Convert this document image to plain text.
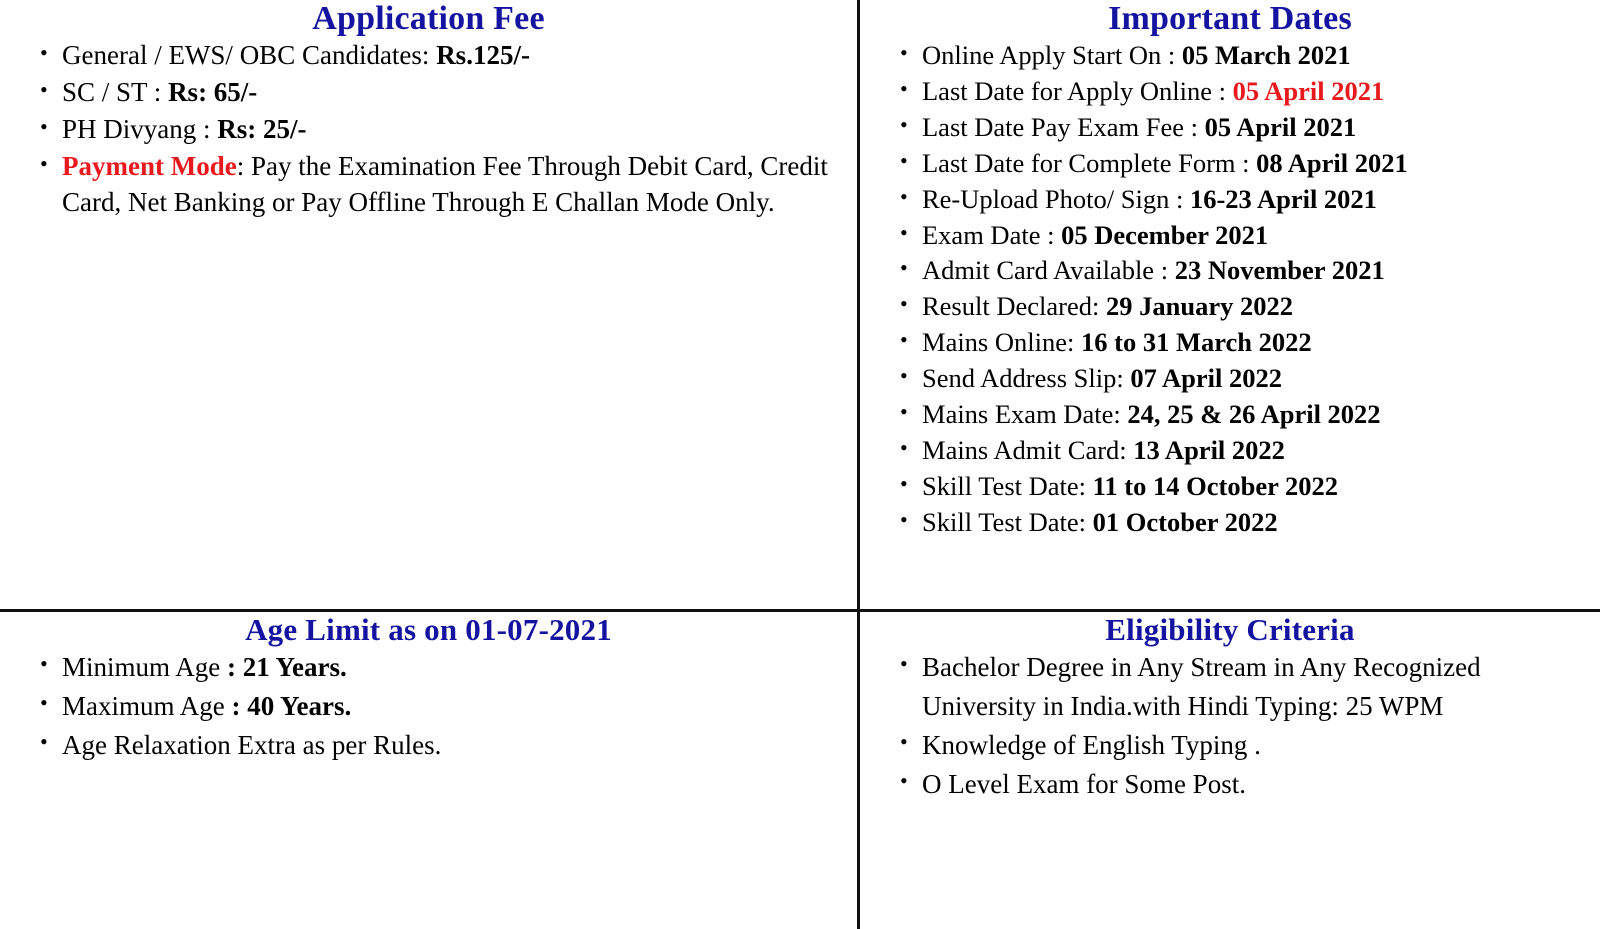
Application Fee
• General / EWS/ OBC Candidates: Rs.125/-
• SC / ST : Rs: 65/-
• PH Divyang : Rs: 25/-
• Payment Mode: Pay the Examination Fee Through Debit Card, Credit Card, Net Banking or Pay Offline Through E Challan Mode Only.
Important Dates
• Online Apply Start On : 05 March 2021
• Last Date for Apply Online : 05 April 2021
• Last Date Pay Exam Fee : 05 April 2021
• Last Date for Complete Form : 08 April 2021
• Re-Upload Photo/ Sign : 16-23 April 2021
• Exam Date : 05 December 2021
• Admit Card Available : 23 November 2021
• Result Declared: 29 January 2022
• Mains Online: 16 to 31 March 2022
• Send Address Slip: 07 April 2022
• Mains Exam Date: 24, 25 & 26 April 2022
• Mains Admit Card: 13 April 2022
• Skill Test Date: 11 to 14 October 2022
• Skill Test Date: 01 October 2022
Age Limit as on 01-07-2021
• Minimum Age : 21 Years.
• Maximum Age : 40 Years.
• Age Relaxation Extra as per Rules.
Eligibility Criteria
• Bachelor Degree in Any Stream in Any Recognized University in India.with Hindi Typing: 25 WPM
• Knowledge of English Typing .
• O Level Exam for Some Post.
